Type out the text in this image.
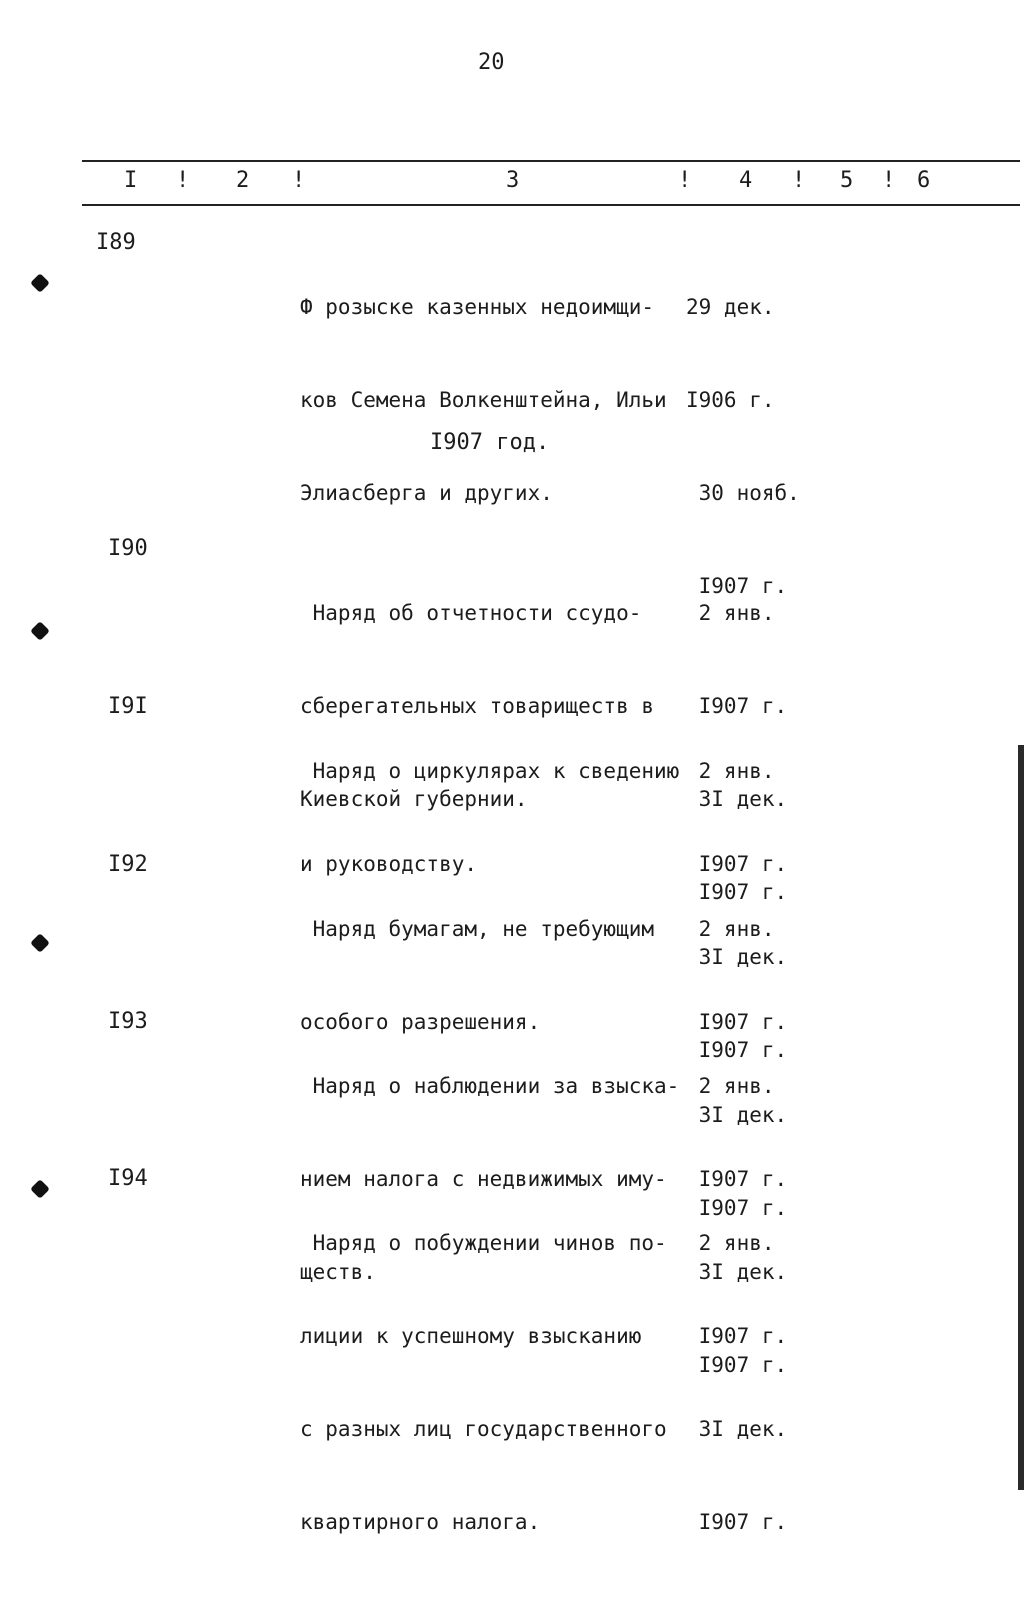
20
I ! 2 !	3	! 4 ! 5 ! 6
I89

Ф розыске казенных недоимщи-

ков Семена Волкенштейна, Ильи

Элиасберга и других.

29 дек.

I906 г.

30 нояб.

I907 г.

I907 год.
I90

Наряд об отчетности ссудо-

сберегательных товариществ в

Киевской губернии.

2 янв.

I907 г.

3I дек.

I907 г.

I9I

Наряд о циркулярах к сведению

и руководству.

2 янв.

I907 г.

3I дек.

I907 г.

I92

Наряд бумагам, не требующим

особого разрешения.

2 янв.

I907 г.

3I дек.

I907 г.

I93

Наряд о наблюдении за взыска-

нием налога с недвижимых иму-

ществ.

2 янв.

I907 г.

3I дек.

I907 г.

I94

Наряд о побуждении чинов по-

лиции к успешному взысканию

с разных лиц государственного

квартирного налога.

2 янв.

I907 г.

3I дек.

I907 г.
